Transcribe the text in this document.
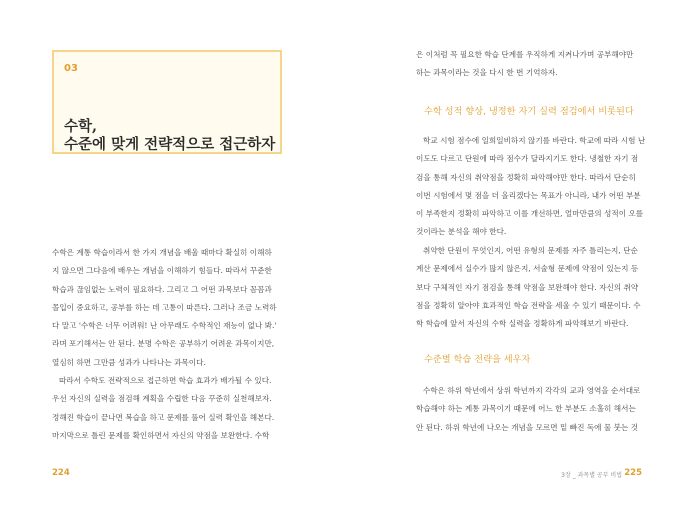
03
수학,
수준에 맞게 전략적으로 접근하자
수학은 계통 학습이라서 한 가지 개념을 배울 때마다 확실히 이해하
지 않으면 그다음에 배우는 개념을 이해하기 힘들다. 따라서 꾸준한
학습과 끊임없는 노력이 필요하다. 그리고 그 어떤 과목보다 꼼꼼과
몰입이 중요하고, 공부를 하는 데 고통이 따른다. 그러나 조금 노력하
다 말고 '수학은 너무 어려워! 난 아무래도 수학적인 재능이 없나 봐.'
라며 포기해서는 안 된다. 분명 수학은 공부하기 어려운 과목이지만,
열심히 하면 그만큼 성과가 나타나는 과목이다.
따라서 수학도 전략적으로 접근하면 학습 효과가 배가될 수 있다.
우선 자신의 실력을 점검해 계획을 수립한 다음 꾸준히 실천해보자.
정해진 학습이 끝나면 복습을 하고 문제를 풀어 실력 확인을 해본다.
마지막으로 틀린 문제를 확인하면서 자신의 약점을 보완한다. 수학
224
은 이처럼 꼭 필요한 학습 단계를 우직하게 지켜나가며 공부해야만
하는 과목이라는 것을 다시 한 번 기억하자.
수학 성적 향상, 냉정한 자기 실력 점검에서 비롯된다
학교 시험 점수에 일희일비하지 않기를 바란다. 학교에 따라 시험 난
이도도 다르고 단원에 따라 점수가 달라지기도 한다. 냉철한 자기 점
검을 통해 자신의 취약점을 정확히 파악해야만 한다. 따라서 단순히
이번 시험에서 몇 점을 더 올리겠다는 목표가 아니라, 내가 어떤 부분
이 부족한지 정확히 파악하고 이를 개선하면, 얼마만큼의 성적이 오를
것이라는 분석을 해야 한다.
취약한 단원이 무엇인지, 어떤 유형의 문제를 자주 틀리는지, 단순
계산 문제에서 실수가 많지 않은지, 서술형 문제에 약점이 있는지 등
보다 구체적인 자기 점검을 통해 약점을 보완해야 한다. 자신의 취약
점을 정확히 알아야 효과적인 학습 전략을 세울 수 있기 때문이다. 수
학 학습에 앞서 자신의 수학 실력을 정확하게 파악해보기 바란다.
수준별 학습 전략을 세우자
수학은 하위 학년에서 상위 학년까지 각각의 교과 영역을 순서대로
학습해야 하는 계통 과목이기 때문에 어느 한 부분도 소홀히 해서는
안 된다. 하위 학년에 나오는 개념을 모르면 밑 빠진 독에 물 붓는 것
3장 _ 과목별 공부 비법 225
